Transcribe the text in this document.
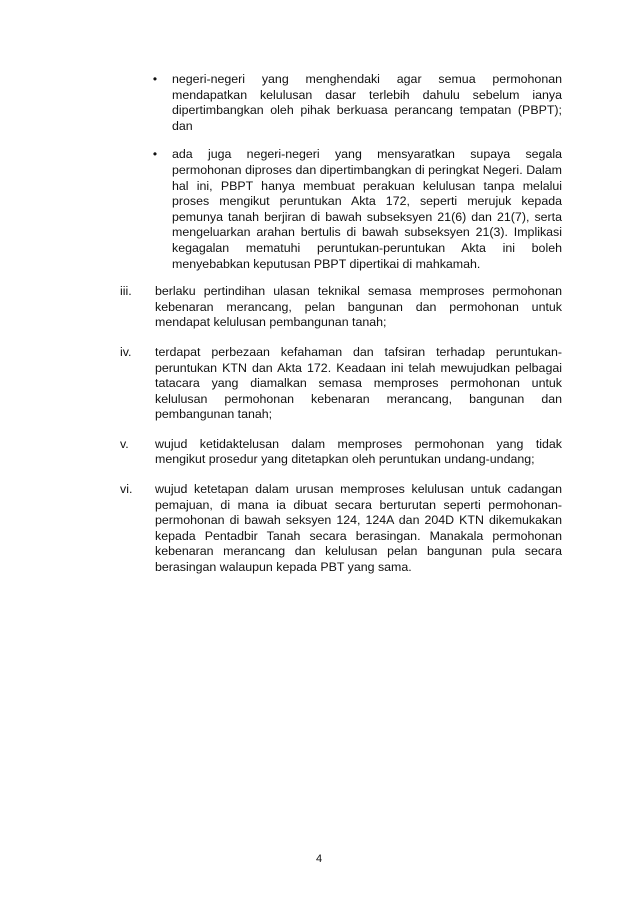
• negeri-negeri yang menghendaki agar semua permohonan mendapatkan kelulusan dasar terlebih dahulu sebelum ianya dipertimbangkan oleh pihak berkuasa perancang tempatan (PBPT); dan
• ada juga negeri-negeri yang mensyaratkan supaya segala permohonan diproses dan dipertimbangkan di peringkat Negeri. Dalam hal ini, PBPT hanya membuat perakuan kelulusan tanpa melalui proses mengikut peruntukan Akta 172, seperti merujuk kepada pemunya tanah berjiran di bawah subseksyen 21(6) dan 21(7), serta mengeluarkan arahan bertulis di bawah subseksyen 21(3). Implikasi kegagalan mematuhi peruntukan-peruntukan Akta ini boleh menyebabkan keputusan PBPT dipertikai di mahkamah.
iii.	berlaku pertindihan ulasan teknikal semasa memproses permohonan kebenaran merancang, pelan bangunan dan permohonan untuk mendapat kelulusan pembangunan tanah;
iv.	terdapat perbezaan kefahaman dan tafsiran terhadap peruntukan-peruntukan KTN dan Akta 172. Keadaan ini telah mewujudkan pelbagai tatacara yang diamalkan semasa memproses permohonan untuk kelulusan permohonan kebenaran merancang, bangunan dan pembangunan tanah;
v.	wujud ketidaktelusan dalam memproses permohonan yang tidak mengikut prosedur yang ditetapkan oleh peruntukan undang-undang;
vi.	wujud ketetapan dalam urusan memproses kelulusan untuk cadangan pemajuan, di mana ia dibuat secara berturutan seperti permohonan-permohonan di bawah seksyen 124, 124A dan 204D KTN dikemukakan kepada Pentadbir Tanah secara berasingan. Manakala permohonan kebenaran merancang dan kelulusan pelan bangunan pula secara berasingan walaupun kepada PBT yang sama.
4
